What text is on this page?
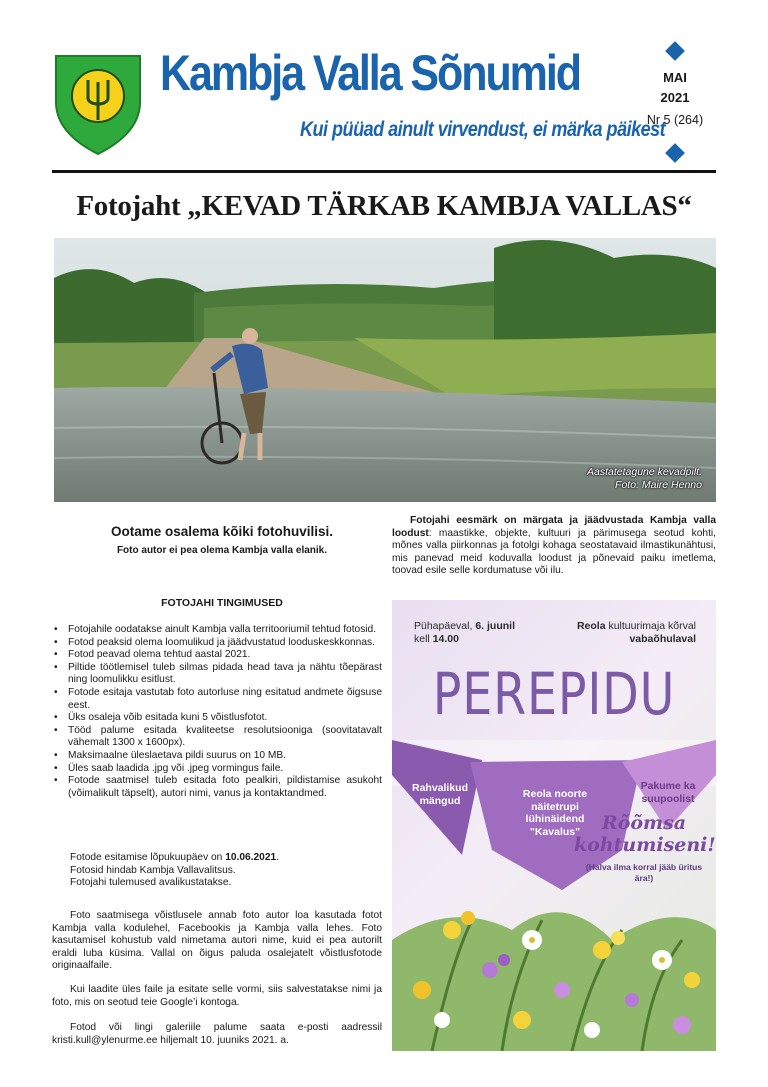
Kambja Valla Sõnumid
Kui püüad ainult virvendust, ei märka päikest
MAI
2021
Nr 5 (264)
Fotojaht „KEVAD TÄRKAB KAMBJA VALLAS“
Aastatetagune kevadpilt.
Foto: Maire Henno
Ootame osalema kõiki fotohuvilisi.
Foto autor ei pea olema Kambja valla elanik.
FOTOJAHI TINGIMUSED
• Fotojahile oodatakse ainult Kambja valla territooriumil tehtud fotosid.
• Fotod peaksid olema loomulikud ja jäädvustatud looduskeskkonnas.
• Fotod peavad olema tehtud aastal 2021.
• Piltide töötlemisel tuleb silmas pidada head tava ja nähtu tõepärast ning loomulikku esitlust.
• Fotode esitaja vastutab foto autorluse ning esitatud andmete õigsuse eest.
• Üks osaleja võib esitada kuni 5 võistlusfotot.
• Tööd palume esitada kvaliteetse resolutsiooniga (soovitatavalt vähemalt 1300 x 1600px).
• Maksimaalne üleslaetava pildi suurus on 10 MB.
• Üles saab laadida .jpg või .jpeg vormingus faile.
• Fotode saatmisel tuleb esitada foto pealkiri, pildistamise asukoht (võimalikult täpselt), autori nimi, vanus ja kontaktandmed.
Fotode esitamise lõpukuupäev on 10.06.2021.
Fotosid hindab Kambja Vallavalitsus.
Fotojahi tulemused avalikustatakse.

Foto saatmisega võistlusele annab foto autor loa kasutada fotot Kambja valla kodulehel, Facebookis ja Kambja valla lehes. Foto kasutamisel kohustub vald nimetama autori nime, kuid ei pea autorilt eraldi luba küsima. Vallal on õigus paluda osalejatelt võistlusfotode originaalfaile.

Kui laadite üles faile ja esitate selle vormi, siis salvestatakse nimi ja foto, mis on seotud teie Google’i kontoga.

Fotod või lingi galeriile palume saata e-posti aadressil kristi.kull@ylenurme.ee hiljemalt 10. juuniks 2021. a.

Fotojahi eesmärk on märgata ja jäädvustada Kambja valla loodust: maastikke, objekte, kultuuri ja pärimusega seotud kohti, mõnes valla piirkonnas ja fotolgi kohaga seostatavaid ilmastikunähtusi, mis panevad meid koduvalla loodust ja põnevaid paiku imetlema, toovad esile selle kordumatuse või ilu.

Pühapäeval, 6. juunil
kell 14.00
Reola kultuurimaja kõrval
vabaõhulaval
PEREPIDU
Rahvalikud mängud
Reola noorte
näitetrupi
lühinäidend
"Kavalus"
Pakume ka suupoolist
Rõõmsa kohtumiseni!
(Halva ilma korral jääb üritus ära!)
